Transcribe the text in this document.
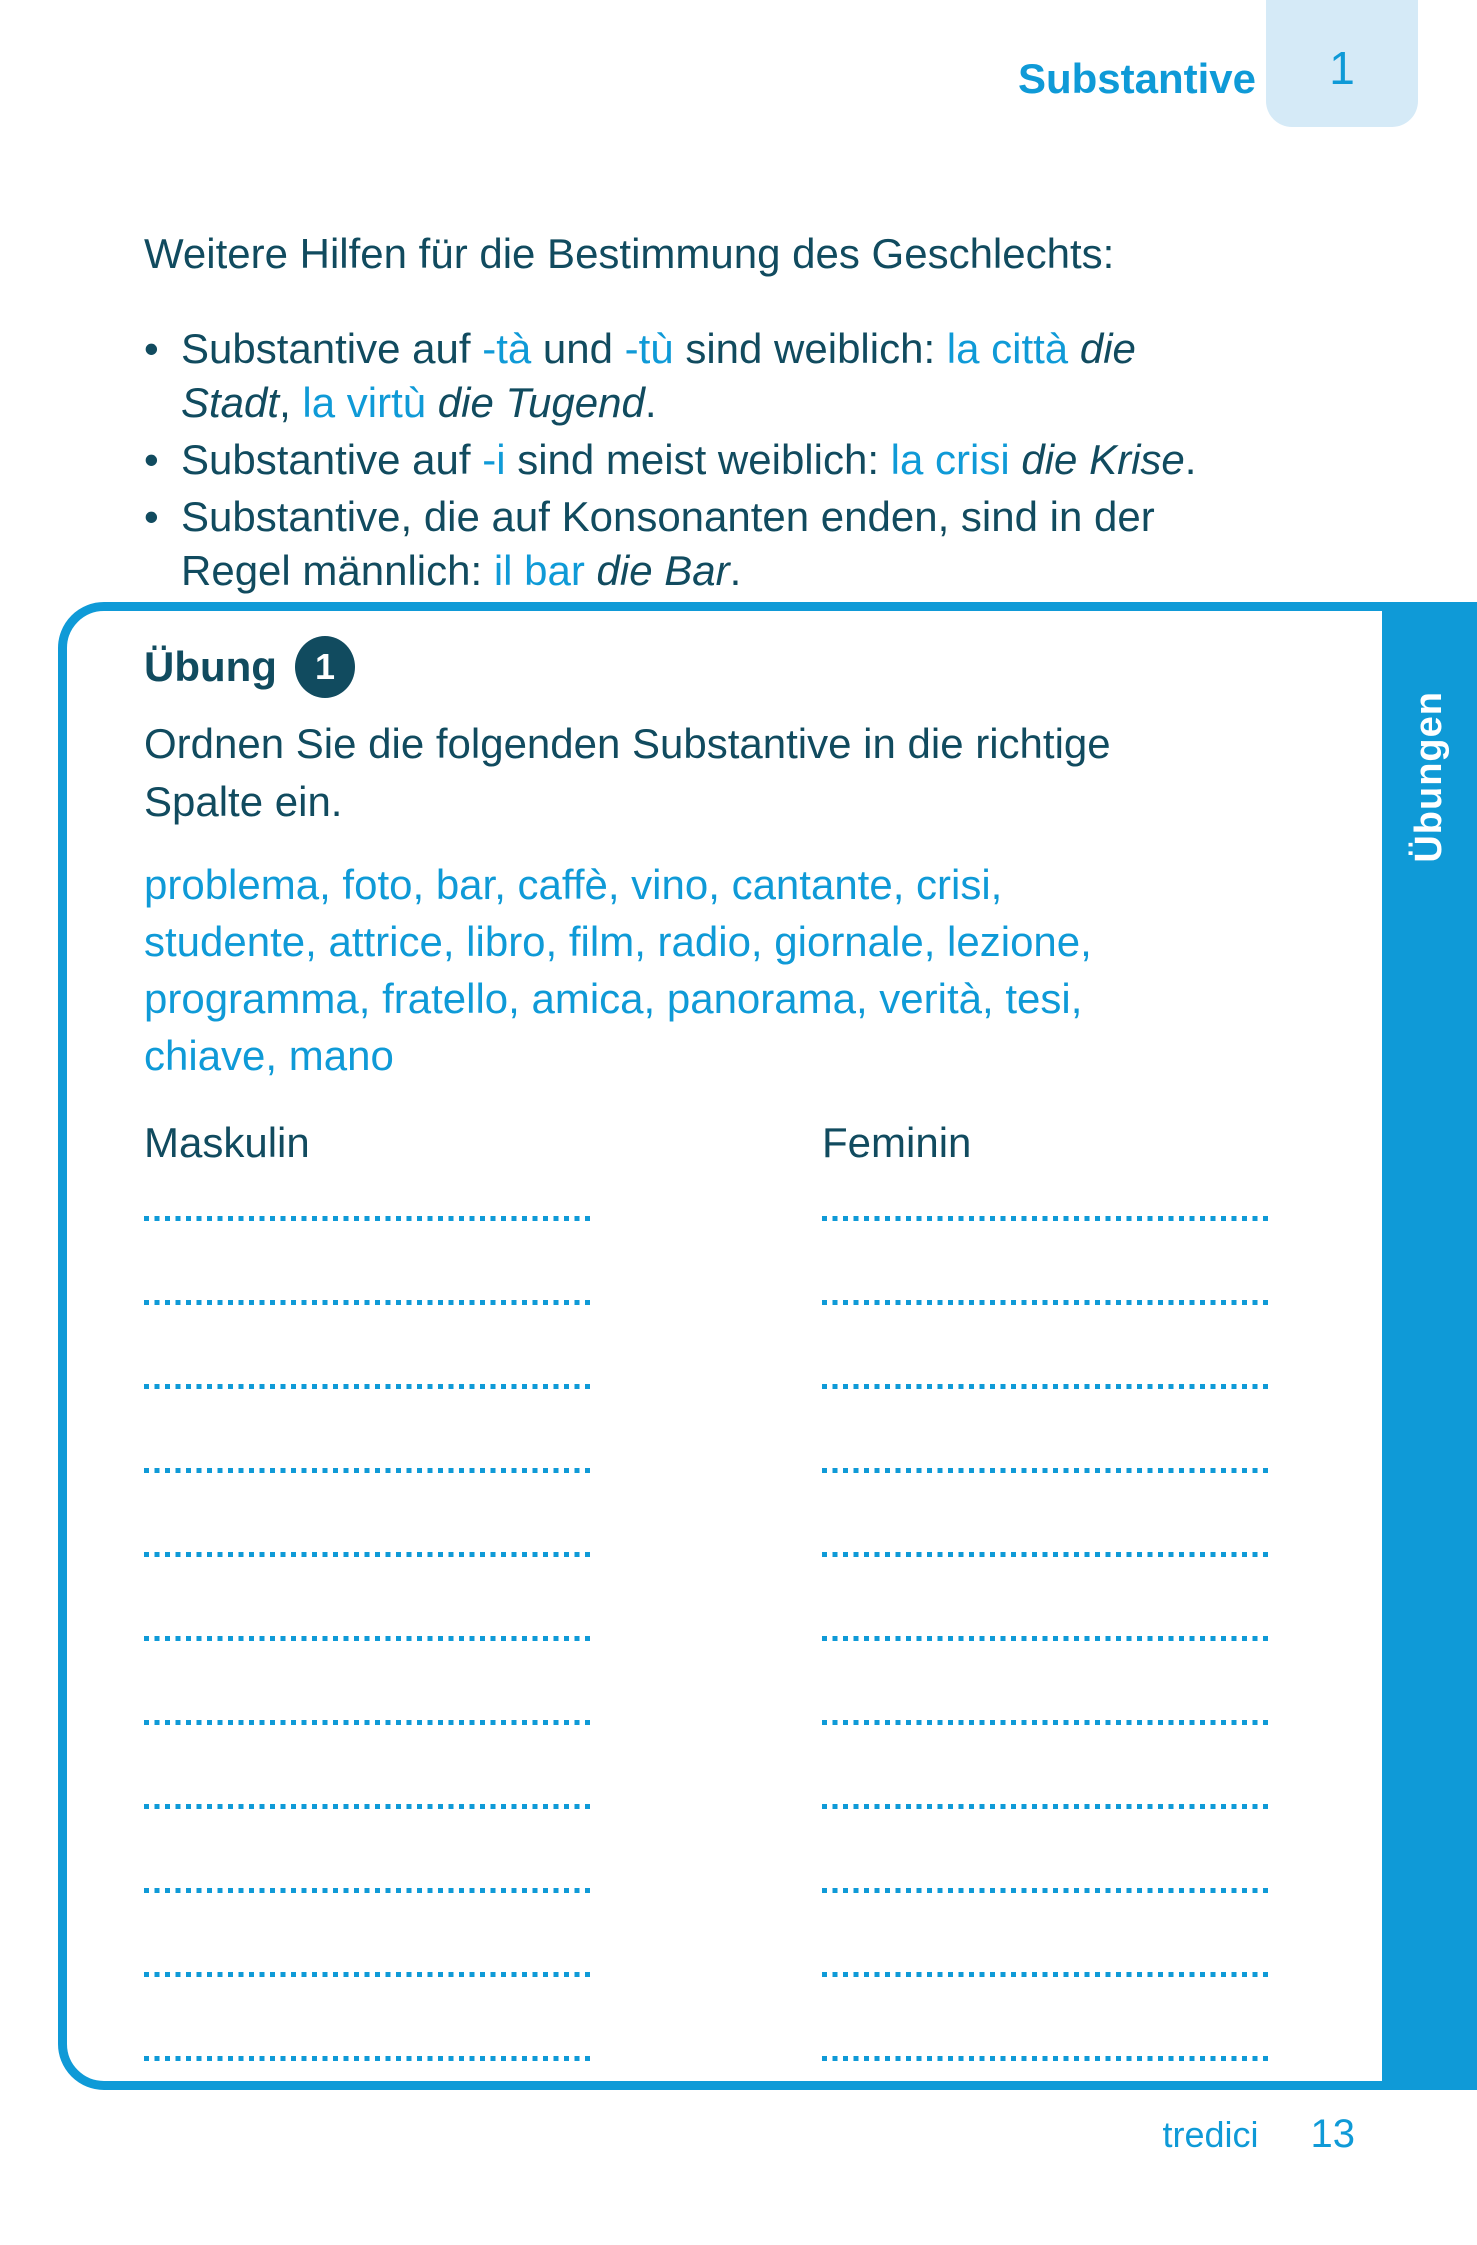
Substantive 1
Weitere Hilfen für die Bestimmung des Geschlechts:
• Substantive auf -tà und -tù sind weiblich: la città die Stadt, la virtù die Tugend.
• Substantive auf -i sind meist weiblich: la crisi die Krise.
• Substantive, die auf Konsonanten enden, sind in der Regel männlich: il bar die Bar.
Übungen
Übung 1
Ordnen Sie die folgenden Substantive in die richtige Spalte ein.
problema, foto, bar, caffè, vino, cantante, crisi, studente, attrice, libro, film, radio, giornale, lezione, programma, fratello, amica, panorama, verità, tesi, chiave, mano
Maskulin	Feminin
tredici 13
